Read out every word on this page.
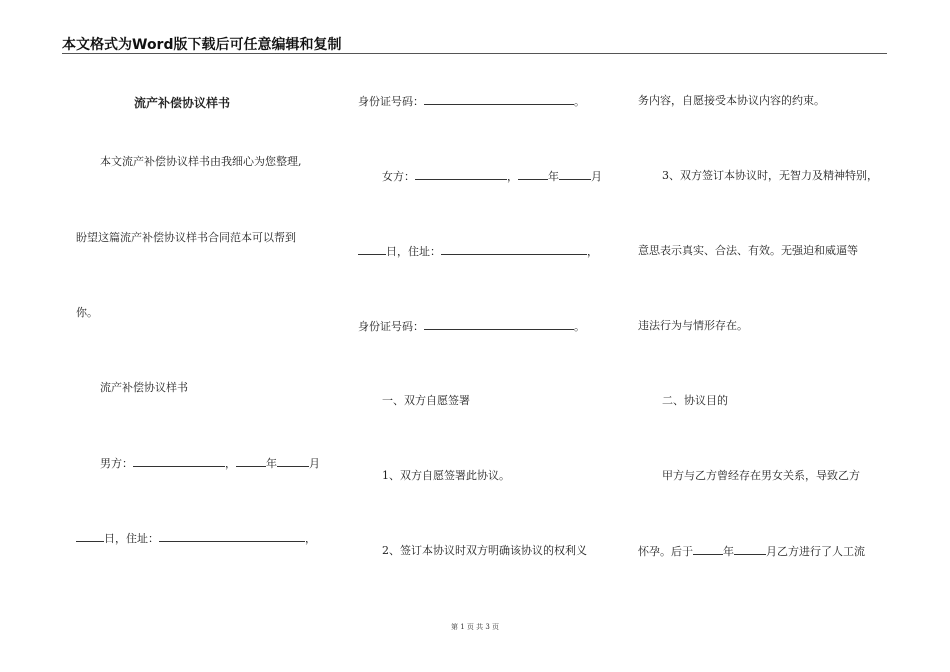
本文格式为Word版下载后可任意编辑和复制
流产补偿协议样书
本文流产补偿协议样书由我细心为您整理,
盼望这篇流产补偿协议样书合同范本可以帮到
你。
流产补偿协议样书
男方：	，	年	月
日，住址：	，
身份证号码：	。
女方：	，	年	月
日，住址：	，
身份证号码：	。
一、双方自愿签署
1、双方自愿签署此协议。
2、签订本协议时双方明确该协议的权利义
务内容，自愿接受本协议内容的约束。
3、双方签订本协议时，无智力及精神特别，
意思表示真实、合法、有效。无强迫和威逼等
违法行为与情形存在。
二、协议目的
甲方与乙方曾经存在男女关系，导致乙方
怀孕。后于	年	月乙方进行了人工流
第 1 页 共 3 页
